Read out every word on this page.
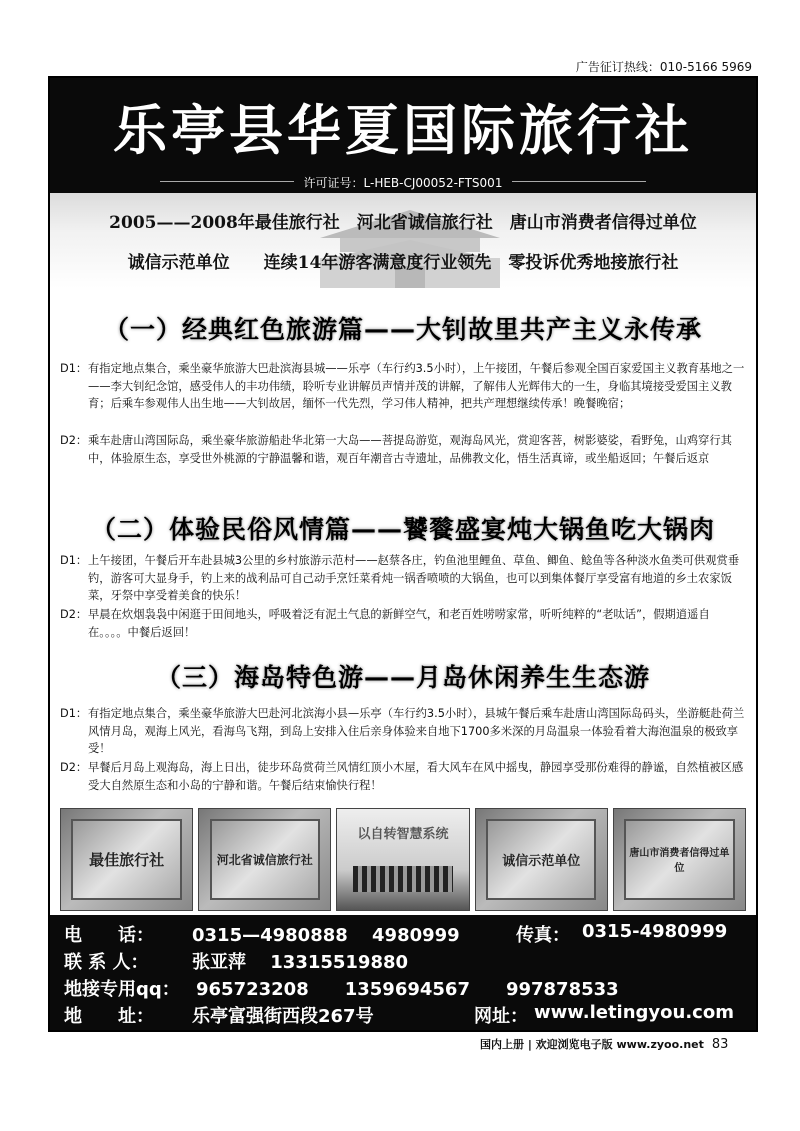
广告征订热线：010-5166 5969
乐亭县华夏国际旅行社
许可证号：L-HEB-CJ00052-FTS001
2005——2008年最佳旅行社　河北省诚信旅行社　唐山市消费者信得过单位
诚信示范单位　　连续14年游客满意度行业领先　零投诉优秀地接旅行社
（一）经典红色旅游篇——大钊故里共产主义永传承
D1： 有指定地点集合，乘坐豪华旅游大巴赴滨海县城——乐亭（车行约3.5小时），上午接团，午餐后参观全国百家爱国主义教育基地之一——李大钊纪念馆，感受伟人的丰功伟绩，聆听专业讲解员声情并茂的讲解，了解伟人光辉伟大的一生，身临其境接受爱国主义教育；后乘车参观伟人出生地——大钊故居，缅怀一代先烈，学习伟人精神，把共产理想继续传承！晚餐晚宿；
D2： 乘车赴唐山湾国际岛，乘坐豪华旅游船赴华北第一大岛——菩提岛游览，观海岛风光，赏迎客菩，树影婆娑，看野兔，山鸡穿行其中，体验原生态，享受世外桃源的宁静温馨和谐，观百年潮音古寺遗址，品佛教文化，悟生活真谛，或坐船返回；午餐后返京
（二）体验民俗风情篇——饕餮盛宴炖大锅鱼吃大锅肉
D1： 上午接团，午餐后开车赴县城3公里的乡村旅游示范村——赵蔡各庄，钓鱼池里鲤鱼、草鱼、鲫鱼、鲶鱼等各种淡水鱼类可供观赏垂钓，游客可大显身手，钓上来的战利品可自己动手烹饪菜肴炖一锅香喷喷的大锅鱼，也可以到集体餐厅享受富有地道的乡土农家饭菜，牙祭中享受着美食的快乐！
D2： 早晨在炊烟袅袅中闲逛于田间地头，呼吸着泛有泥土气息的新鲜空气，和老百姓唠唠家常，听听纯粹的“老呔话”，假期逍遥自在。。。。中餐后返回！
（三）海岛特色游——月岛休闲养生生态游
D1： 有指定地点集合，乘坐豪华旅游大巴赴河北滨海小县—乐亭（车行约3.5小时），县城午餐后乘车赴唐山湾国际岛码头，坐游艇赴荷兰风情月岛，观海上风光，看海鸟飞翔，到岛上安排入住后亲身体验来自地下1700多米深的月岛温泉一体验看着大海泡温泉的极致享受！
D2： 早餐后月岛上观海岛，海上日出，徒步环岛赏荷兰风情红顶小木屋，看大风车在风中摇曳，静园享受那份难得的静谧，自然植被区感受大自然原生态和小岛的宁静和谐。午餐后结束愉快行程！
最佳旅行社	河北省诚信旅行社
以自转智慧系统
诚信示范单位	唐山市消费者信得过单位
电　　话： 0315—4980888　 4980999	传真： 0315-4980999
联 系 人： 张亚萍　 13315519880
地接专用qq： 965723208　　1359694567　　997878533
地　　址： 乐亭富强街西段267号	网址： www.letingyou.com
国内上册 | 欢迎浏览电子版 www.zyoo.net 83
